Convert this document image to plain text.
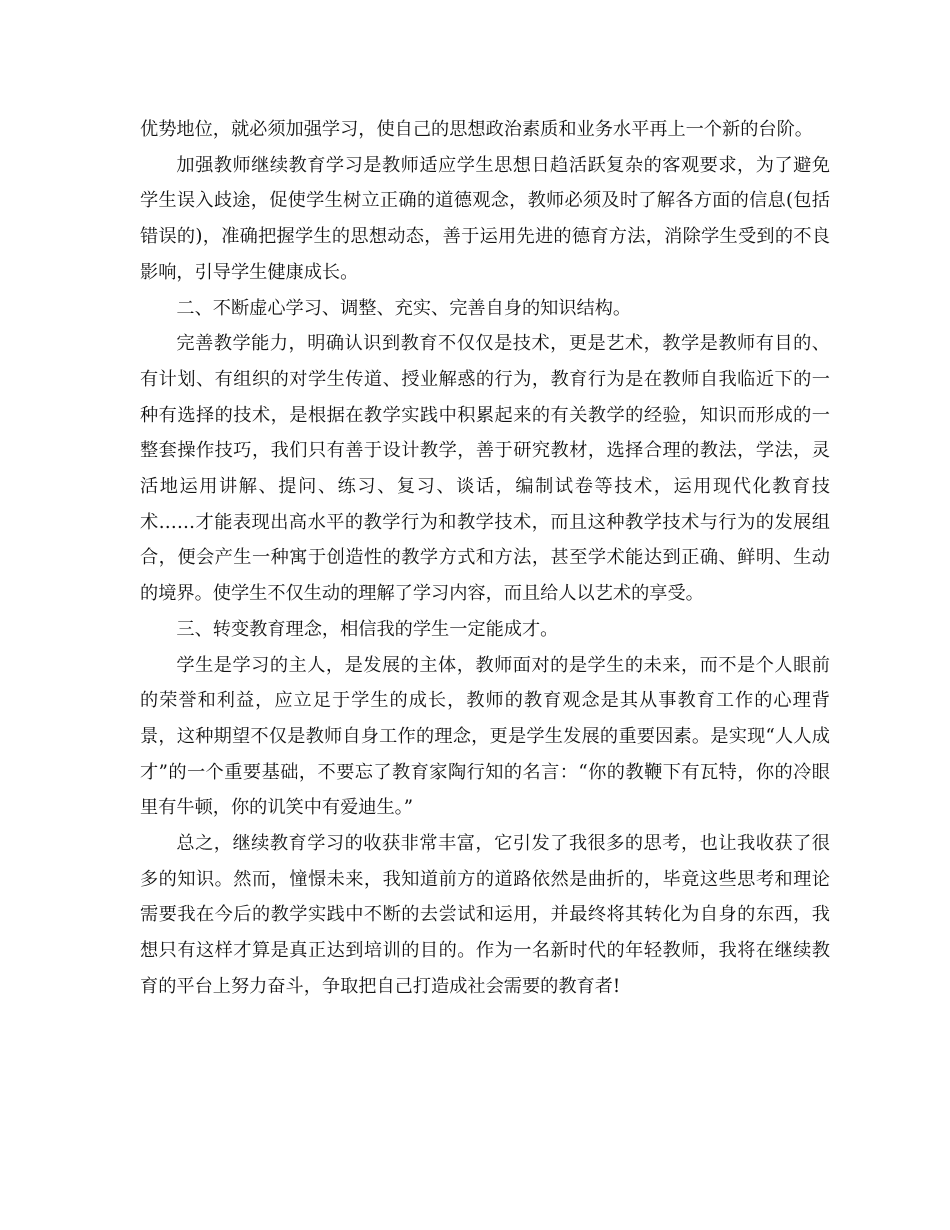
优势地位，就必须加强学习，使自己的思想政治素质和业务水平再上一个新的台阶。

加强教师继续教育学习是教师适应学生思想日趋活跃复杂的客观要求，为了避免学生误入歧途，促使学生树立正确的道德观念，教师必须及时了解各方面的信息(包括错误的)，准确把握学生的思想动态，善于运用先进的德育方法，消除学生受到的不良影响，引导学生健康成长。

二、不断虚心学习、调整、充实、完善自身的知识结构。

完善教学能力，明确认识到教育不仅仅是技术，更是艺术，教学是教师有目的、有计划、有组织的对学生传道、授业解惑的行为，教育行为是在教师自我临近下的一种有选择的技术，是根据在教学实践中积累起来的有关教学的经验，知识而形成的一整套操作技巧，我们只有善于设计教学，善于研究教材，选择合理的教法，学法，灵活地运用讲解、提问、练习、复习、谈话，编制试卷等技术，运用现代化教育技术……才能表现出高水平的教学行为和教学技术，而且这种教学技术与行为的发展组合，便会产生一种寓于创造性的教学方式和方法，甚至学术能达到正确、鲜明、生动的境界。使学生不仅生动的理解了学习内容，而且给人以艺术的享受。

三、转变教育理念，相信我的学生一定能成才。

学生是学习的主人，是发展的主体，教师面对的是学生的未来，而不是个人眼前的荣誉和利益，应立足于学生的成长，教师的教育观念是其从事教育工作的心理背景，这种期望不仅是教师自身工作的理念，更是学生发展的重要因素。是实现“人人成才”的一个重要基础，不要忘了教育家陶行知的名言：“你的教鞭下有瓦特，你的冷眼里有牛顿，你的讥笑中有爱迪生。”

总之，继续教育学习的收获非常丰富，它引发了我很多的思考，也让我收获了很多的知识。然而，憧憬未来，我知道前方的道路依然是曲折的，毕竟这些思考和理论需要我在今后的教学实践中不断的去尝试和运用，并最终将其转化为自身的东西，我想只有这样才算是真正达到培训的目的。作为一名新时代的年轻教师，我将在继续教育的平台上努力奋斗，争取把自己打造成社会需要的教育者!
